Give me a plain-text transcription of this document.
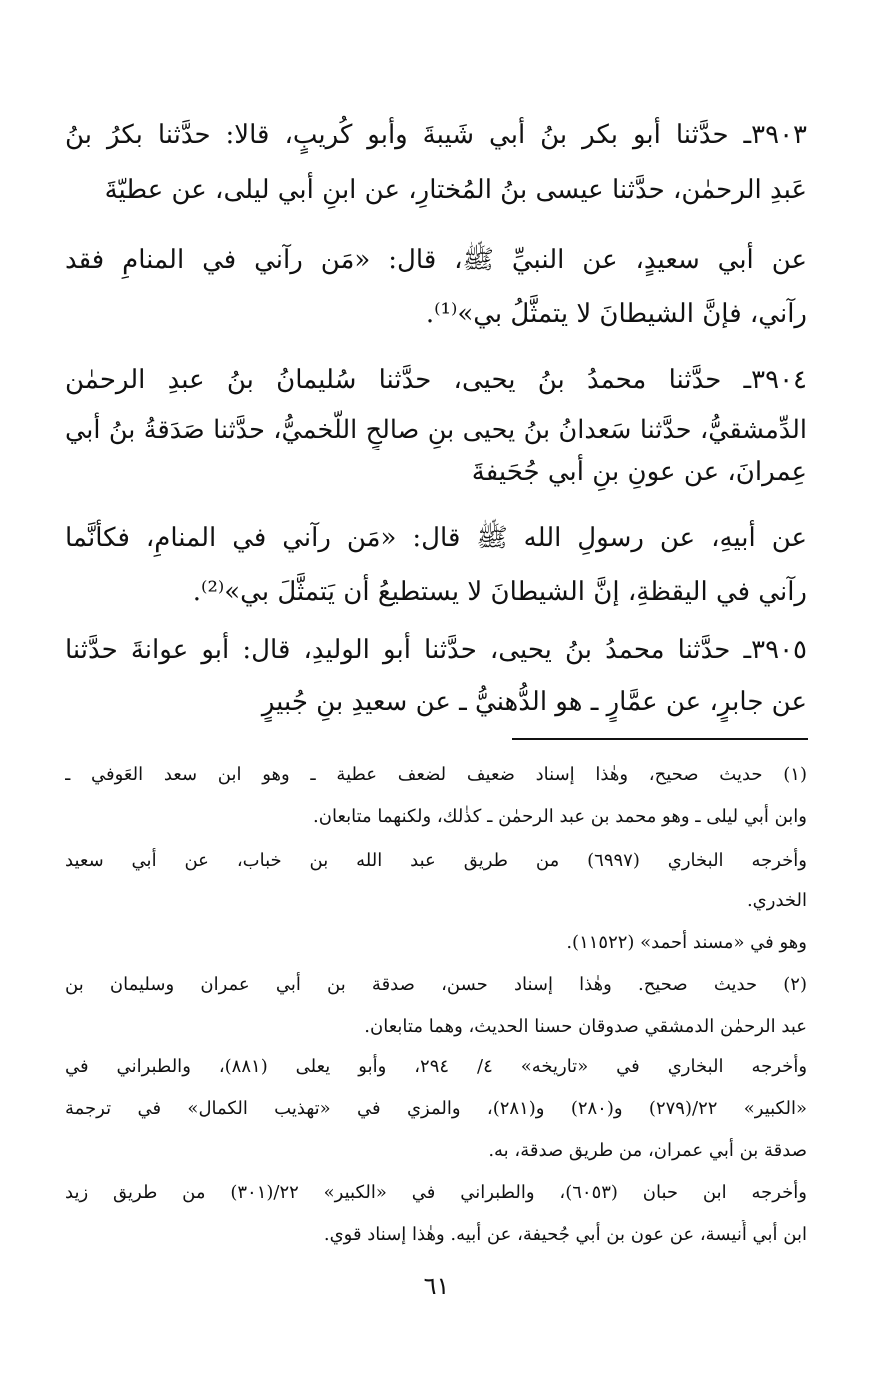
٣٩٠٣ـ حدَّثنا أبو بكر بنُ أبي شَيبةَ وأبو كُريبٍ، قالا: حدَّثنا بكرُ بنُ
عَبدِ الرحمٰن، حدَّثنا عيسى بنُ المُختارِ، عن ابنِ أبي ليلى، عن عطيّةَ
عن أبي سعيدٍ، عن النبيِّ ﷺ، قال: «مَن رآني في المنامِ فقد
رآني، فإنَّ الشيطانَ لا يتمثَّلُ بي»⁽¹⁾.
٣٩٠٤ـ حدَّثنا محمدُ بنُ يحيى، حدَّثنا سُليمانُ بنُ عبدِ الرحمٰن
الدِّمشقيُّ، حدَّثنا سَعدانُ بنُ يحيى بنِ صالحٍ اللَّخميُّ، حدَّثنا صَدَقةُ بنُ أبي
عِمرانَ، عن عونِ بنِ أبي جُحَيفةَ
عن أبيهِ، عن رسولِ الله ﷺ قال: «مَن رآني في المنامِ، فكأنَّما
رآني في اليقظةِ، إنَّ الشيطانَ لا يستطيعُ أن يَتمثَّلَ بي»⁽²⁾.
٣٩٠٥ـ حدَّثنا محمدُ بنُ يحيى، حدَّثنا أبو الوليدِ، قال: أبو عوانةَ حدَّثنا
عن جابرٍ، عن عمَّارٍ ـ هو الدُّهنيُّ ـ عن سعيدِ بنِ جُبيرٍ
(١) حديث صحيح، وهٰذا إسناد ضعيف لضعف عطية ـ وهو ابن سعد العَوفي ـ
وابن أبي ليلى ـ وهو محمد بن عبد الرحمٰن ـ كذٰلك، ولكنهما متابعان.
وأخرجه البخاري (٦٩٩٧) من طريق عبد الله بن خباب، عن أبي سعيد
الخدري.
وهو في «مسند أحمد» (١١٥٢٢).
(٢) حديث صحيح. وهٰذا إسناد حسن، صدقة بن أبي عمران وسليمان بن
عبد الرحمٰن الدمشقي صدوقان حسنا الحديث، وهما متابعان.
وأخرجه البخاري في «تاريخه» ٤/ ٢٩٤، وأبو يعلى (٨٨١)، والطبراني في
«الكبير» ٢٢/(٢٧٩) و(٢٨٠) و(٢٨١)، والمزي في «تهذيب الكمال» في ترجمة
صدقة بن أبي عمران، من طريق صدقة، به.
وأخرجه ابن حبان (٦٠٥٣)، والطبراني في «الكبير» ٢٢/(٣٠١) من طريق زيد
ابن أبي أُنيسة، عن عون بن أبي جُحيفة، عن أبيه. وهٰذا إسناد قوي.
٦١
